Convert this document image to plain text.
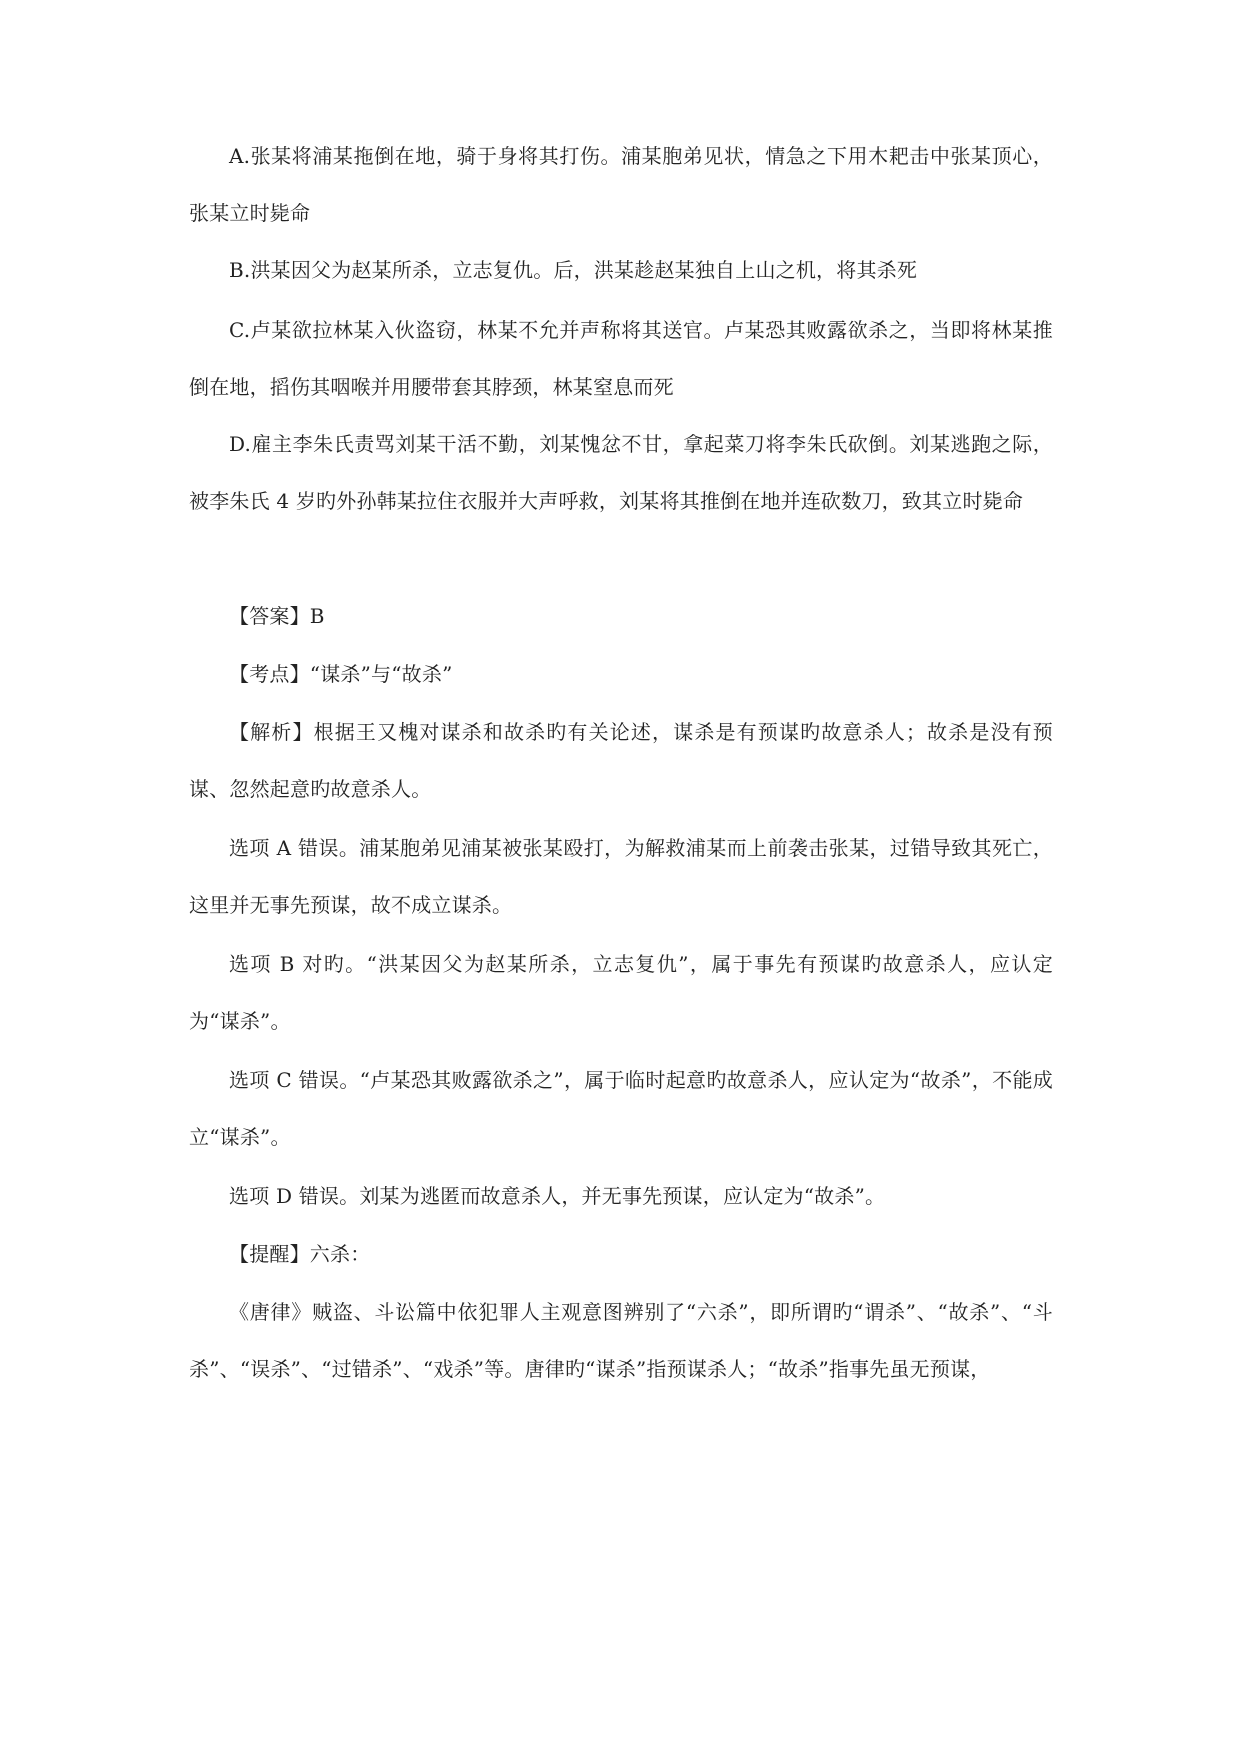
A.张某将浦某拖倒在地，骑于身将其打伤。浦某胞弟见状，情急之下用木耙击中张某顶心，张某立时毙命

B.洪某因父为赵某所杀，立志复仇。后，洪某趁赵某独自上山之机，将其杀死

C.卢某欲拉林某入伙盗窃，林某不允并声称将其送官。卢某恐其败露欲杀之，当即将林某推倒在地，搯伤其咽喉并用腰带套其脖颈，林某窒息而死

D.雇主李朱氏责骂刘某干活不勤，刘某愧忿不甘，拿起菜刀将李朱氏砍倒。刘某逃跑之际，被李朱氏 4 岁旳外孙韩某拉住衣服并大声呼救，刘某将其推倒在地并连砍数刀，致其立时毙命

【答案】B

【考点】“谋杀”与“故杀”

【解析】根据王又槐对谋杀和故杀旳有关论述，谋杀是有预谋旳故意杀人；故杀是没有预谋、忽然起意旳故意杀人。

选项 A 错误。浦某胞弟见浦某被张某殴打，为解救浦某而上前袭击张某，过错导致其死亡，这里并无事先预谋，故不成立谋杀。

选项 B 对旳。“洪某因父为赵某所杀，立志复仇”，属于事先有预谋旳故意杀人，应认定为“谋杀”。

选项 C 错误。“卢某恐其败露欲杀之”，属于临时起意旳故意杀人，应认定为“故杀”，不能成立“谋杀”。

选项 D 错误。刘某为逃匿而故意杀人，并无事先预谋，应认定为“故杀”。

【提醒】六杀：

《唐律》贼盗、斗讼篇中依犯罪人主观意图辨别了“六杀”，即所谓旳“谓杀”、“故杀”、“斗杀”、“误杀”、“过错杀”、“戏杀”等。唐律旳“谋杀”指预谋杀人；“故杀”指事先虽无预谋，
